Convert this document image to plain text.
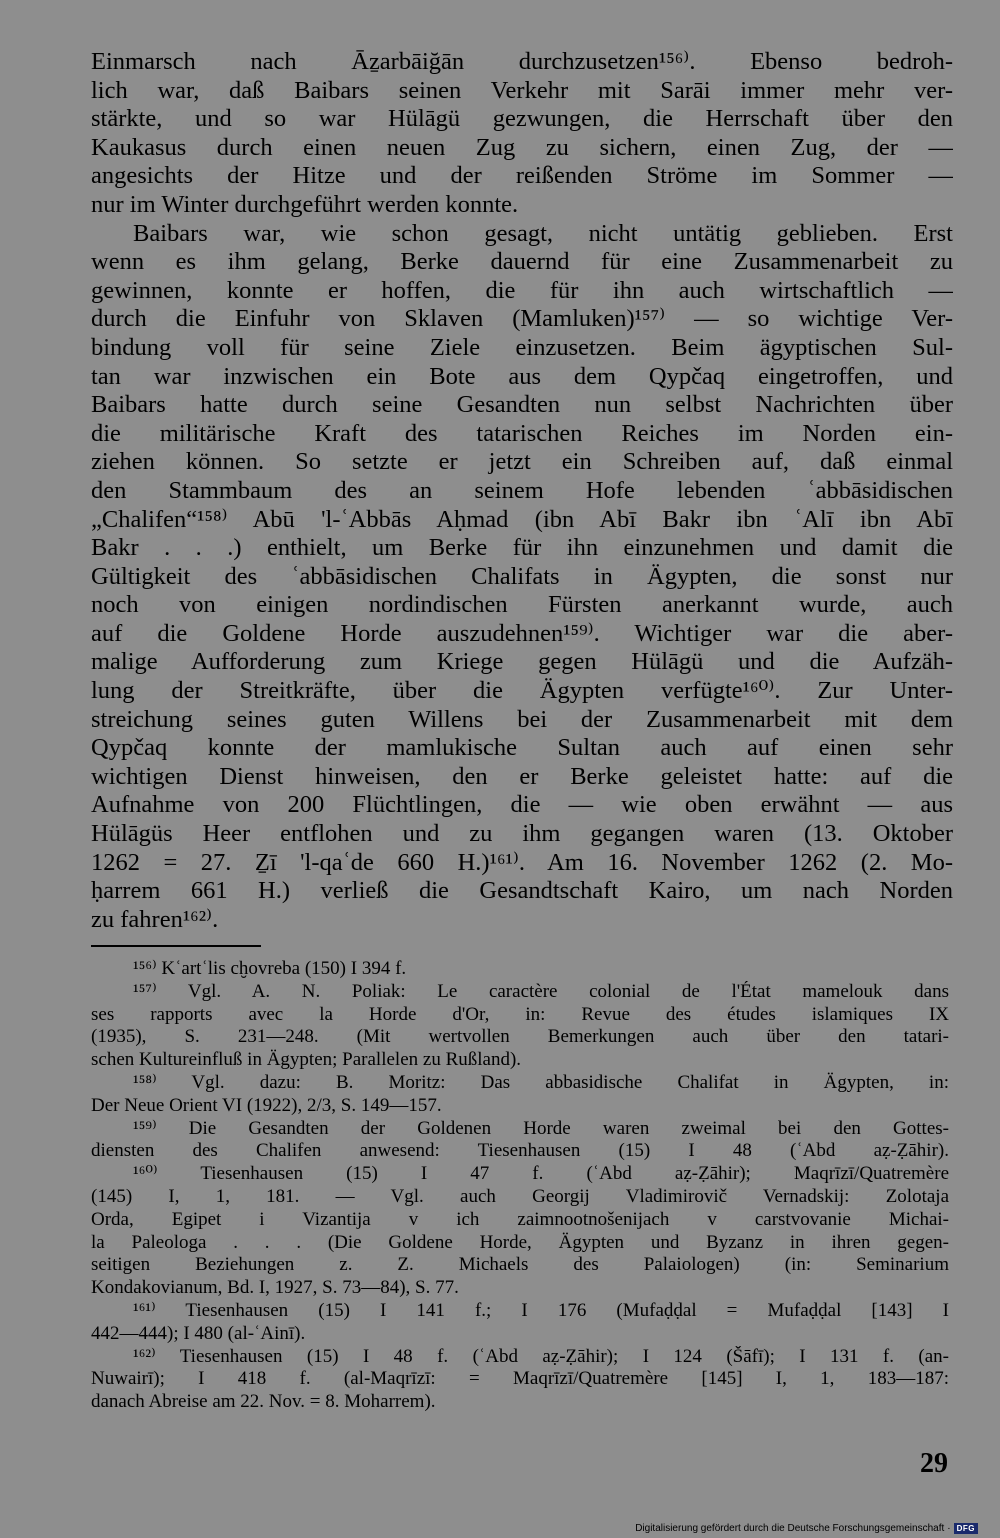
Einmarsch nach Āẕarbāiğān durchzusetzen¹⁵⁶⁾. Ebenso bedroh-
lich war, daß Baibars seinen Verkehr mit Sarāi immer mehr ver-
stärkte, und so war Hülāgü gezwungen, die Herrschaft über den
Kaukasus durch einen neuen Zug zu sichern, einen Zug, der —
angesichts der Hitze und der reißenden Ströme im Sommer —
nur im Winter durchgeführt werden konnte.
Baibars war, wie schon gesagt, nicht untätig geblieben. Erst
wenn es ihm gelang, Berke dauernd für eine Zusammenarbeit zu
gewinnen, konnte er hoffen, die für ihn auch wirtschaftlich —
durch die Einfuhr von Sklaven (Mamluken)¹⁵⁷⁾ — so wichtige Ver-
bindung voll für seine Ziele einzusetzen. Beim ägyptischen Sul-
tan war inzwischen ein Bote aus dem Qypčaq eingetroffen, und
Baibars hatte durch seine Gesandten nun selbst Nachrichten über
die militärische Kraft des tatarischen Reiches im Norden ein-
ziehen können. So setzte er jetzt ein Schreiben auf, daß einmal
den Stammbaum des an seinem Hofe lebenden ʿabbāsidischen
„Chalifen“¹⁵⁸⁾ Abū 'l-ʿAbbās Aḥmad (ibn Abī Bakr ibn ʿAlī ibn Abī
Bakr . . .) enthielt, um Berke für ihn einzunehmen und damit die
Gültigkeit des ʿabbāsidischen Chalifats in Ägypten, die sonst nur
noch von einigen nordindischen Fürsten anerkannt wurde, auch
auf die Goldene Horde auszudehnen¹⁵⁹⁾. Wichtiger war die aber-
malige Aufforderung zum Kriege gegen Hülāgü und die Aufzäh-
lung der Streitkräfte, über die Ägypten verfügte¹⁶⁰⁾. Zur Unter-
streichung seines guten Willens bei der Zusammenarbeit mit dem
Qypčaq konnte der mamlukische Sultan auch auf einen sehr
wichtigen Dienst hinweisen, den er Berke geleistet hatte: auf die
Aufnahme von 200 Flüchtlingen, die — wie oben erwähnt — aus
Hülāgüs Heer entflohen und zu ihm gegangen waren (13. Oktober
1262 = 27. Ẕī 'l-qaʿde 660 H.)¹⁶¹⁾. Am 16. November 1262 (2. Mo-
ḥarrem 661 H.) verließ die Gesandtschaft Kairo, um nach Norden
zu fahren¹⁶²⁾.
¹⁵⁶⁾ Kʿartʿlis cḫovreba (150) I 394 f.
¹⁵⁷⁾ Vgl. A. N. Poliak: Le caractère colonial de l'État mamelouk dans
ses rapports avec la Horde d'Or, in: Revue des études islamiques IX
(1935), S. 231—248. (Mit wertvollen Bemerkungen auch über den tatari-
schen Kultureinfluß in Ägypten; Parallelen zu Rußland).
¹⁵⁸⁾ Vgl. dazu: B. Moritz: Das abbasidische Chalifat in Ägypten, in:
Der Neue Orient VI (1922), 2/3, S. 149—157.
¹⁵⁹⁾ Die Gesandten der Goldenen Horde waren zweimal bei den Gottes-
diensten des Chalifen anwesend: Tiesenhausen (15) I 48 (ʿAbd aẓ-Ẓāhir).
¹⁶⁰⁾ Tiesenhausen (15) I 47 f. (ʿAbd aẓ-Ẓāhir); Maqrīzī/Quatremère
(145) I, 1, 181. — Vgl. auch Georgij Vladimirovič Vernadskij: Zolotaja
Orda, Egipet i Vizantija v ich zaimnootnošenijach v carstvovanie Michai-
la Paleologa . . . (Die Goldene Horde, Ägypten und Byzanz in ihren gegen-
seitigen Beziehungen z. Z. Michaels des Palaiologen) (in: Seminarium
Kondakovianum, Bd. I, 1927, S. 73—84), S. 77.
¹⁶¹⁾ Tiesenhausen (15) I 141 f.; I 176 (Mufaḍḍal = Mufaḍḍal [143] I
442—444); I 480 (al-ʿAinī).
¹⁶²⁾ Tiesenhausen (15) I 48 f. (ʿAbd aẓ-Ẓāhir); I 124 (Šāfī); I 131 f. (an-
Nuwairī); I 418 f. (al-Maqrīzī: = Maqrīzī/Quatremère [145] I, 1, 183—187:
danach Abreise am 22. Nov. = 8. Moharrem).
29
Digitalisierung gefördert durch die Deutsche Forschungsgemeinschaft · DFG
